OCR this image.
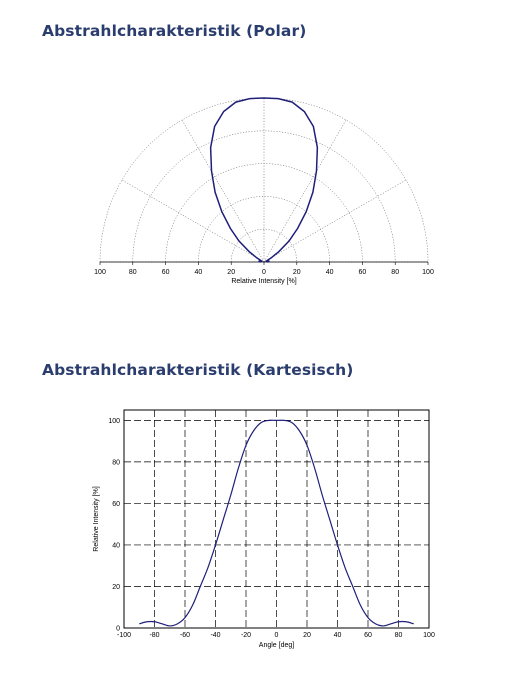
Abstrahlcharakteristik (Polar)
100	80	60	40	20	0	20	40	60	80	100
Relative Intensity [%]
Abstrahlcharakteristik (Kartesisch)
-100	-80	-60	-40	-20	0	20	40	60	80	100
0
20
40
60
80
100
Angle [deg]
Relative Intensity [%]
